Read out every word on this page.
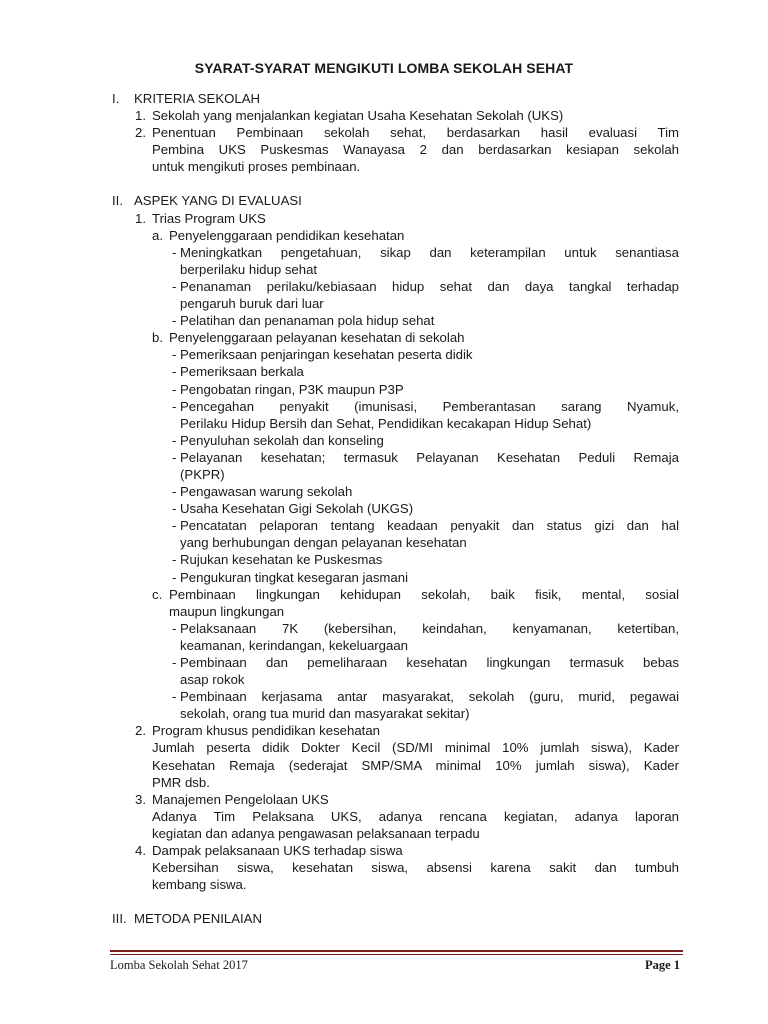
SYARAT-SYARAT MENGIKUTI LOMBA SEKOLAH SEHAT
I. KRITERIA SEKOLAH
1. Sekolah yang menjalankan kegiatan Usaha Kesehatan Sekolah (UKS)
2. Penentuan Pembinaan sekolah sehat, berdasarkan hasil evaluasi Tim
Pembina UKS Puskesmas Wanayasa 2 dan berdasarkan kesiapan sekolah
untuk mengikuti proses pembinaan.
II. ASPEK YANG DI EVALUASI
1. Trias Program UKS
a. Penyelenggaraan pendidikan kesehatan
- Meningkatkan pengetahuan, sikap dan keterampilan untuk senantiasa
berperilaku hidup sehat
- Penanaman perilaku/kebiasaan hidup sehat dan daya tangkal terhadap
pengaruh buruk dari luar
- Pelatihan dan penanaman pola hidup sehat
b. Penyelenggaraan pelayanan kesehatan di sekolah
- Pemeriksaan penjaringan kesehatan peserta didik
- Pemeriksaan berkala
- Pengobatan ringan, P3K maupun P3P
- Pencegahan penyakit (imunisasi, Pemberantasan sarang Nyamuk,
Perilaku Hidup Bersih dan Sehat, Pendidikan kecakapan Hidup Sehat)
- Penyuluhan sekolah dan konseling
- Pelayanan kesehatan; termasuk Pelayanan Kesehatan Peduli Remaja
(PKPR)
- Pengawasan warung sekolah
- Usaha Kesehatan Gigi Sekolah (UKGS)
- Pencatatan pelaporan tentang keadaan penyakit dan status gizi dan hal
yang berhubungan dengan pelayanan kesehatan
- Rujukan kesehatan ke Puskesmas
- Pengukuran tingkat kesegaran jasmani
c. Pembinaan lingkungan kehidupan sekolah, baik fisik, mental, sosial
maupun lingkungan
- Pelaksanaan 7K (kebersihan, keindahan, kenyamanan, ketertiban,
keamanan, kerindangan, kekeluargaan
- Pembinaan dan pemeliharaan kesehatan lingkungan termasuk bebas
asap rokok
- Pembinaan kerjasama antar masyarakat, sekolah (guru, murid, pegawai
sekolah, orang tua murid dan masyarakat sekitar)
2. Program khusus pendidikan kesehatan
Jumlah peserta didik Dokter Kecil (SD/MI minimal 10% jumlah siswa), Kader
Kesehatan Remaja (sederajat SMP/SMA minimal 10% jumlah siswa), Kader
PMR dsb.
3. Manajemen Pengelolaan UKS
Adanya Tim Pelaksana UKS, adanya rencana kegiatan, adanya laporan
kegiatan dan adanya pengawasan pelaksanaan terpadu
4. Dampak pelaksanaan UKS terhadap siswa
Kebersihan siswa, kesehatan siswa, absensi karena sakit dan tumbuh
kembang siswa.
III. METODA PENILAIAN
Lomba Sekolah Sehat 2017	Page 1
